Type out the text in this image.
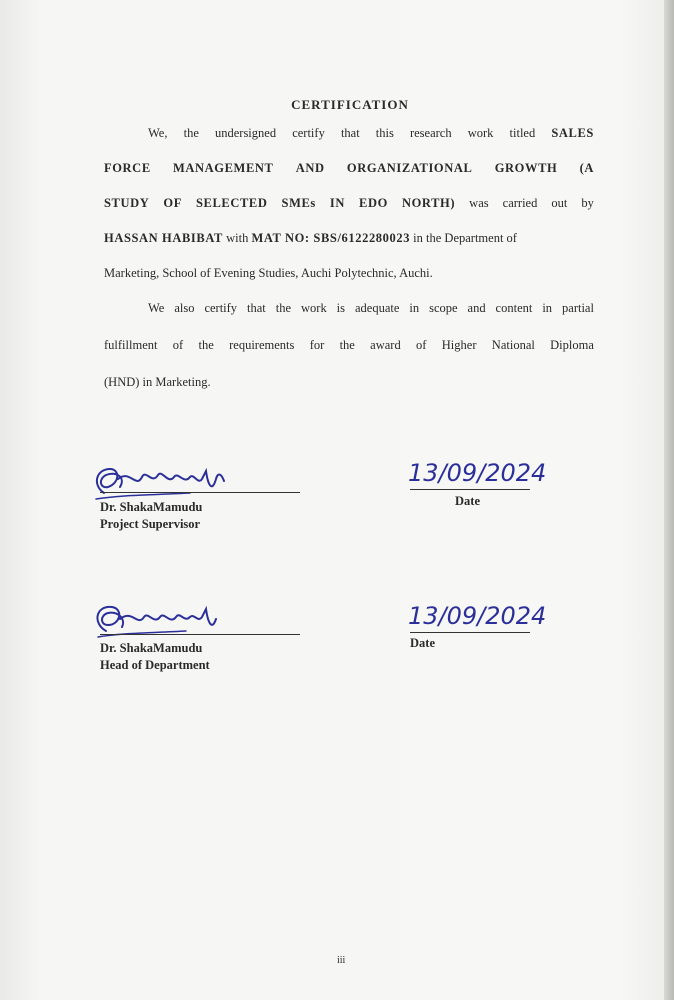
CERTIFICATION
We, the undersigned certify that this research work titled SALES
FORCE MANAGEMENT AND ORGANIZATIONAL GROWTH (A
STUDY OF SELECTED SMEs IN EDO NORTH) was carried out by
HASSAN HABIBAT with MAT NO: SBS/6122280023 in the Department of
Marketing, School of Evening Studies, Auchi Polytechnic, Auchi.
We also certify that the work is adequate in scope and content in partial
fulfillment of the requirements for the award of Higher National Diploma
(HND) in Marketing.
Dr. ShakaMamudu
Project Supervisor
13/09/2024
Date
Dr. ShakaMamudu
Head of Department
13/09/2024
Date
iii
